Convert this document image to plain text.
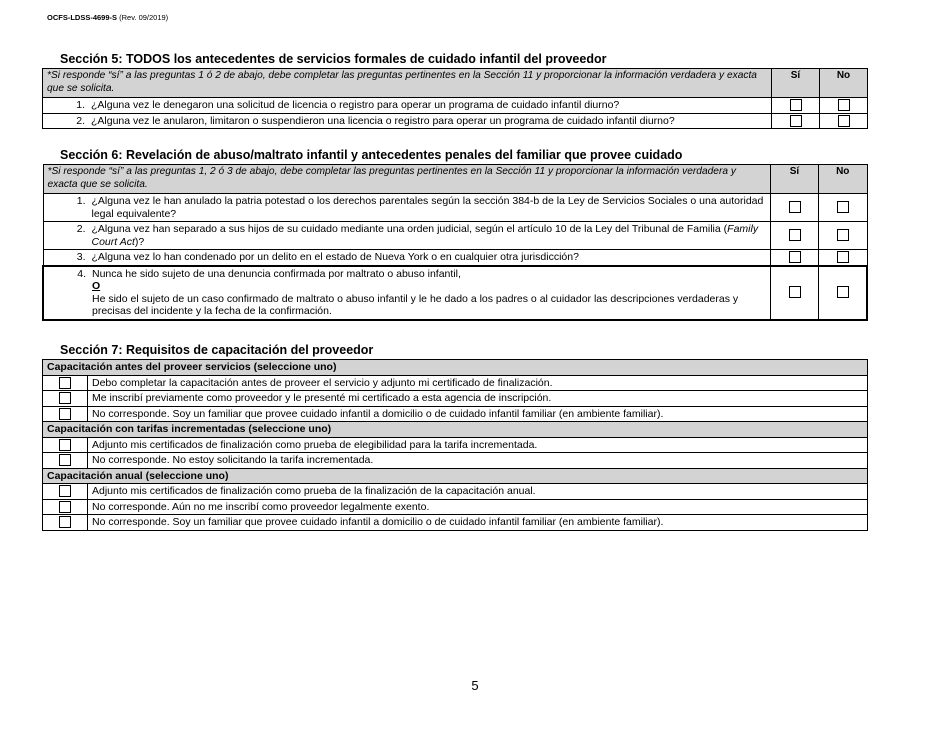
OCFS-LDSS-4699-S (Rev. 09/2019)
Sección 5: TODOS los antecedentes de servicios formales de cuidado infantil del proveedor
*Si responde “sí” a las preguntas 1 ó 2 de abajo, debe completar las preguntas pertinentes en la Sección 11 y proporcionar la información verdadera y exacta que se solicita.	Sí	No
1. ¿Alguna vez le denegaron una solicitud de licencia o registro para operar un programa de cuidado infantil diurno?		
2. ¿Alguna vez le anularon, limitaron o suspendieron una licencia o registro para operar un programa de cuidado infantil diurno?		
Sección 6: Revelación de abuso/maltrato infantil y antecedentes penales del familiar que provee cuidado
*Si responde “sí” a las preguntas 1, 2 ó 3 de abajo, debe completar las preguntas pertinentes en la Sección 11 y proporcionar la información verdadera y exacta que se solicita.	Sí	No
1. ¿Alguna vez le han anulado la patria potestad o los derechos parentales según la sección 384-b de la Ley de Servicios Sociales o una autoridad legal equivalente?		
2. ¿Alguna vez han separado a sus hijos de su cuidado mediante una orden judicial, según el artículo 10 de la Ley del Tribunal de Familia (Family Court Act)?		
3. ¿Alguna vez lo han condenado por un delito en el estado de Nueva York o en cualquier otra jurisdicción?		
4. Nunca he sido sujeto de una denuncia confirmada por maltrato o abuso infantil,
O
He sido el sujeto de un caso confirmado de maltrato o abuso infantil y le he dado a los padres o al cuidador las descripciones verdaderas y precisas del incidente y la fecha de la confirmación.		
Sección 7: Requisitos de capacitación del proveedor
Capacitación antes del proveer servicios (seleccione uno)	
	Debo completar la capacitación antes de proveer el servicio y adjunto mi certificado de finalización.
	Me inscribí previamente como proveedor y le presenté mi certificado a esta agencia de inscripción.
	No corresponde. Soy un familiar que provee cuidado infantil a domicilio o de cuidado infantil familiar (en ambiente familiar).
Capacitación con tarifas incrementadas (seleccione uno)	
	Adjunto mis certificados de finalización como prueba de elegibilidad para la tarifa incrementada.
	No corresponde. No estoy solicitando la tarifa incrementada.
Capacitación anual (seleccione uno)	
	Adjunto mis certificados de finalización como prueba de la finalización de la capacitación anual.
	No corresponde. Aún no me inscribí como proveedor legalmente exento.
	No corresponde. Soy un familiar que provee cuidado infantil a domicilio o de cuidado infantil familiar (en ambiente familiar).
5
